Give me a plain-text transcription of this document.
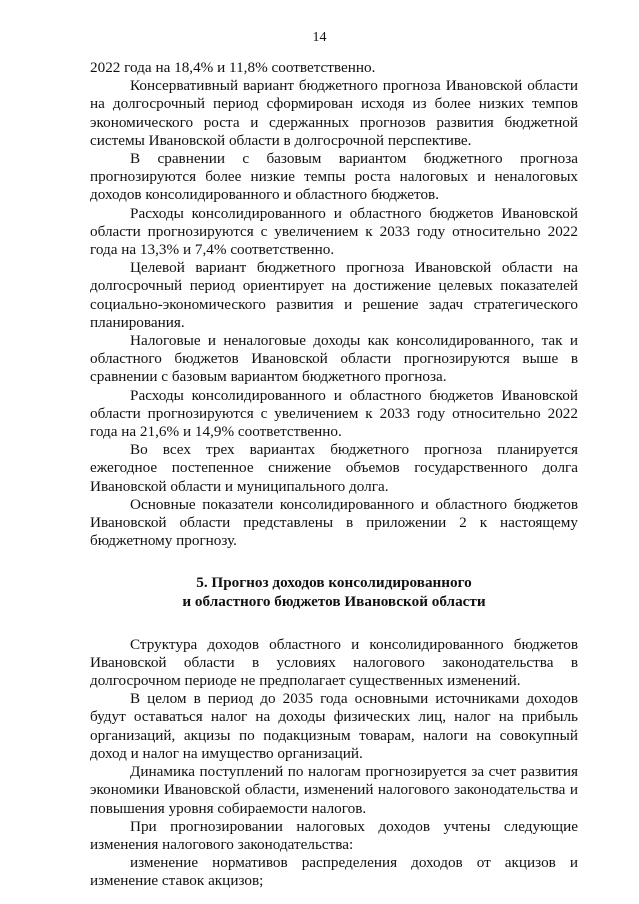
14

2022 года на 18,4% и 11,8% соответственно.

Консервативный вариант бюджетного прогноза Ивановской области на долгосрочный период сформирован исходя из более низких темпов экономического роста и сдержанных прогнозов развития бюджетной системы Ивановской области в долгосрочной перспективе.

В сравнении с базовым вариантом бюджетного прогноза прогнозируются более низкие темпы роста налоговых и неналоговых доходов консолидированного и областного бюджетов.

Расходы консолидированного и областного бюджетов Ивановской области прогнозируются с увеличением к 2033 году относительно 2022 года на 13,3% и 7,4% соответственно.

Целевой вариант бюджетного прогноза Ивановской области на долгосрочный период ориентирует на достижение целевых показателей социально-экономического развития и решение задач стратегического планирования.

Налоговые и неналоговые доходы как консолидированного, так и областного бюджетов Ивановской области прогнозируются выше в сравнении с базовым вариантом бюджетного прогноза.

Расходы консолидированного и областного бюджетов Ивановской области прогнозируются с увеличением к 2033 году относительно 2022 года на 21,6% и 14,9% соответственно.

Во всех трех вариантах бюджетного прогноза планируется ежегодное постепенное снижение объемов государственного долга Ивановской области и муниципального долга.

Основные показатели консолидированного и областного бюджетов Ивановской области представлены в приложении 2 к настоящему бюджетному прогнозу.

5. Прогноз доходов консолидированного
и областного бюджетов Ивановской области

Структура доходов областного и консолидированного бюджетов Ивановской области в условиях налогового законодательства в долгосрочном периоде не предполагает существенных изменений.

В целом в период до 2035 года основными источниками доходов будут оставаться налог на доходы физических лиц, налог на прибыль организаций, акцизы по подакцизным товарам, налоги на совокупный доход и налог на имущество организаций.

Динамика поступлений по налогам прогнозируется за счет развития экономики Ивановской области, изменений налогового законодательства и повышения уровня собираемости налогов.

При прогнозировании налоговых доходов учтены следующие изменения налогового законодательства:

изменение нормативов распределения доходов от акцизов и изменение ставок акцизов;
